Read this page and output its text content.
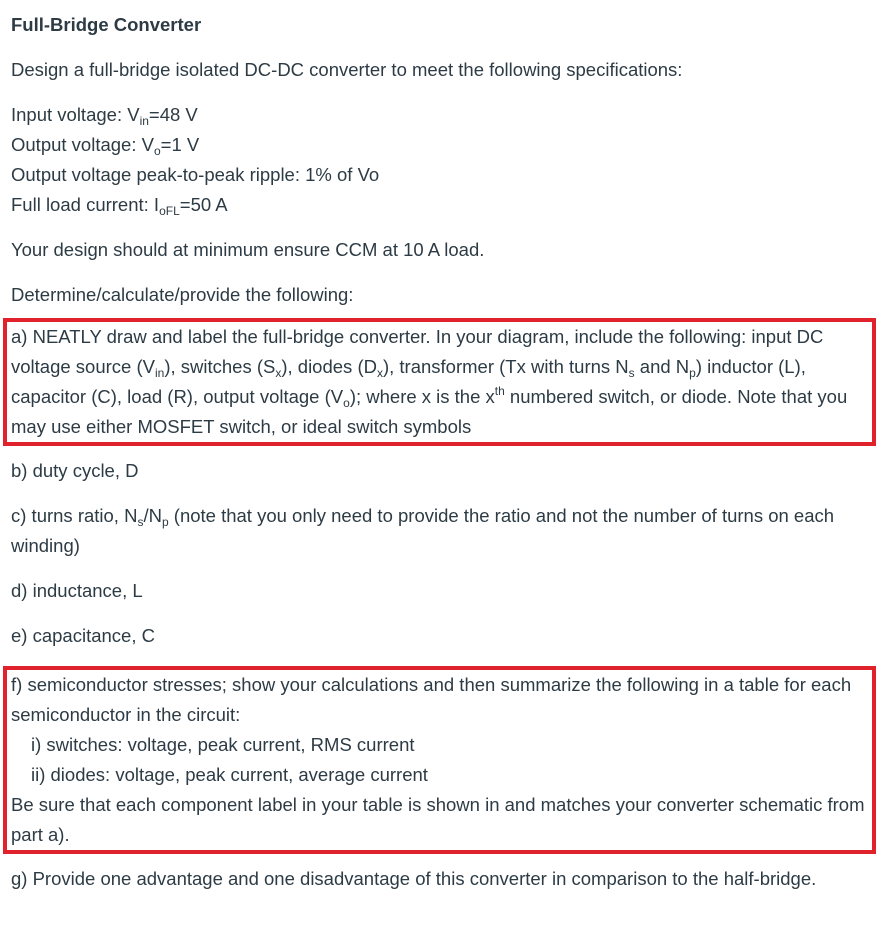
Full-Bridge Converter

Design a full-bridge isolated DC-DC converter to meet the following specifications:

Input voltage: $V_{in}=48$ V
Output voltage: $V_o=1$ V
Output voltage peak-to-peak ripple: 1% of Vo
Full load current: $I_{oFL}=50$ A

Your design should at minimum ensure CCM at 10 A load.

Determine/calculate/provide the following:

a) NEATLY draw and label the full-bridge converter. In your diagram, include the following: input DC voltage source $(V_{in})$, switches $(S_x)$, diodes $(D_x)$, transformer (Tx with turns $N_s$ and $N_p$) inductor (L), capacitor (C), load (R), output voltage $(V_o)$; where x is the $x^{th}$ numbered switch, or diode. Note that you may use either MOSFET switch, or ideal switch symbols

b) duty cycle, D

c) turns ratio, $N_s/N_p$ (note that you only need to provide the ratio and not the number of turns on each winding)

d) inductance, L

e) capacitance, C

f) semiconductor stresses; show your calculations and then summarize the following in a table for each semiconductor in the circuit:
i) switches: voltage, peak current, RMS current
ii) diodes: voltage, peak current, average current
Be sure that each component label in your table is shown in and matches your converter schematic from part a).

g) Provide one advantage and one disadvantage of this converter in comparison to the half-bridge.
